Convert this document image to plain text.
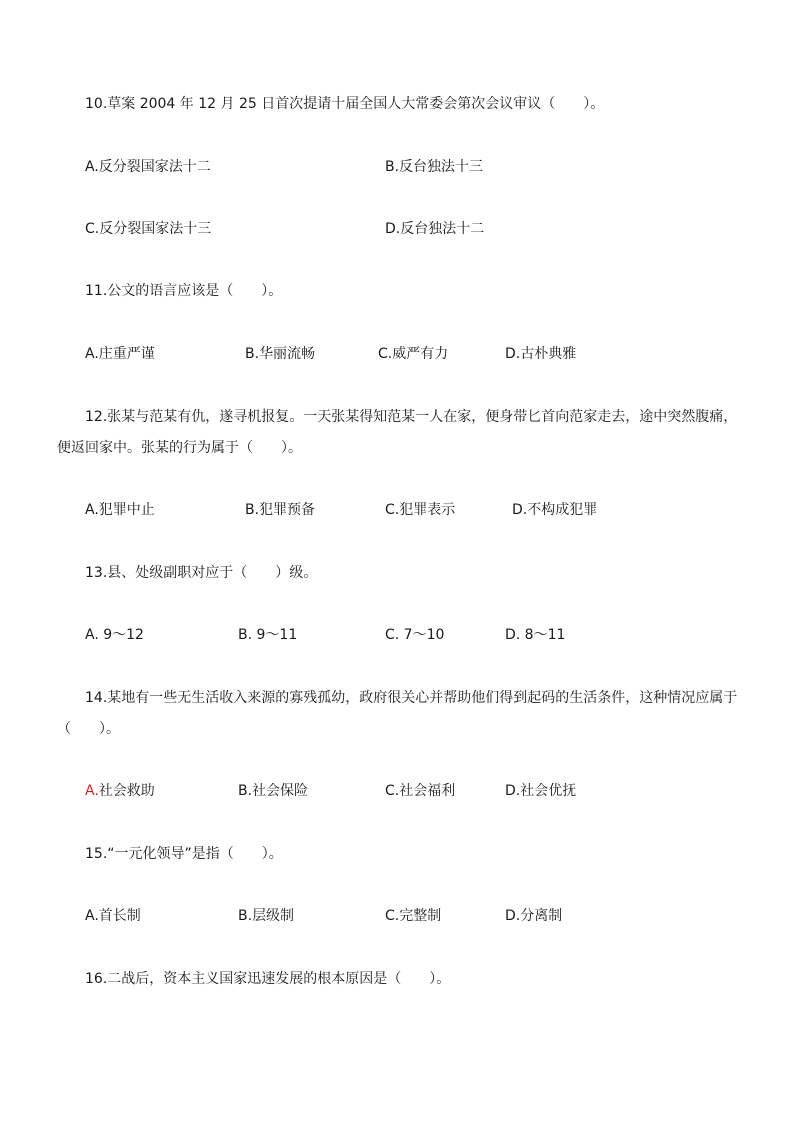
10.草案 2004 年 12 月 25 日首次提请十届全国人大常委会第次会议审议（　　）。
A.反分裂国家法十二	B.反台独法十三
C.反分裂国家法十三	D.反台独法十二
11.公文的语言应该是（　　）。
A.庄重严谨	B.华丽流畅	C.威严有力	D.古朴典雅
12.张某与范某有仇，遂寻机报复。一天张某得知范某一人在家，便身带匕首向范家走去，途中突然腹痛，
便返回家中。张某的行为属于（　　）。
A.犯罪中止	B.犯罪预备	C.犯罪表示	D.不构成犯罪
13.县、处级副职对应于（　　）级。
A. 9～12	B. 9～11	C. 7～10	D. 8～11
14.某地有一些无生活收入来源的寡残孤幼，政府很关心并帮助他们得到起码的生活条件，这种情况应属于
（　　）。
A.社会救助	B.社会保险	C.社会福利	D.社会优抚
15.“一元化领导”是指（　　）。
A.首长制	B.层级制	C.完整制	D.分离制
16.二战后，资本主义国家迅速发展的根本原因是（　　）。
